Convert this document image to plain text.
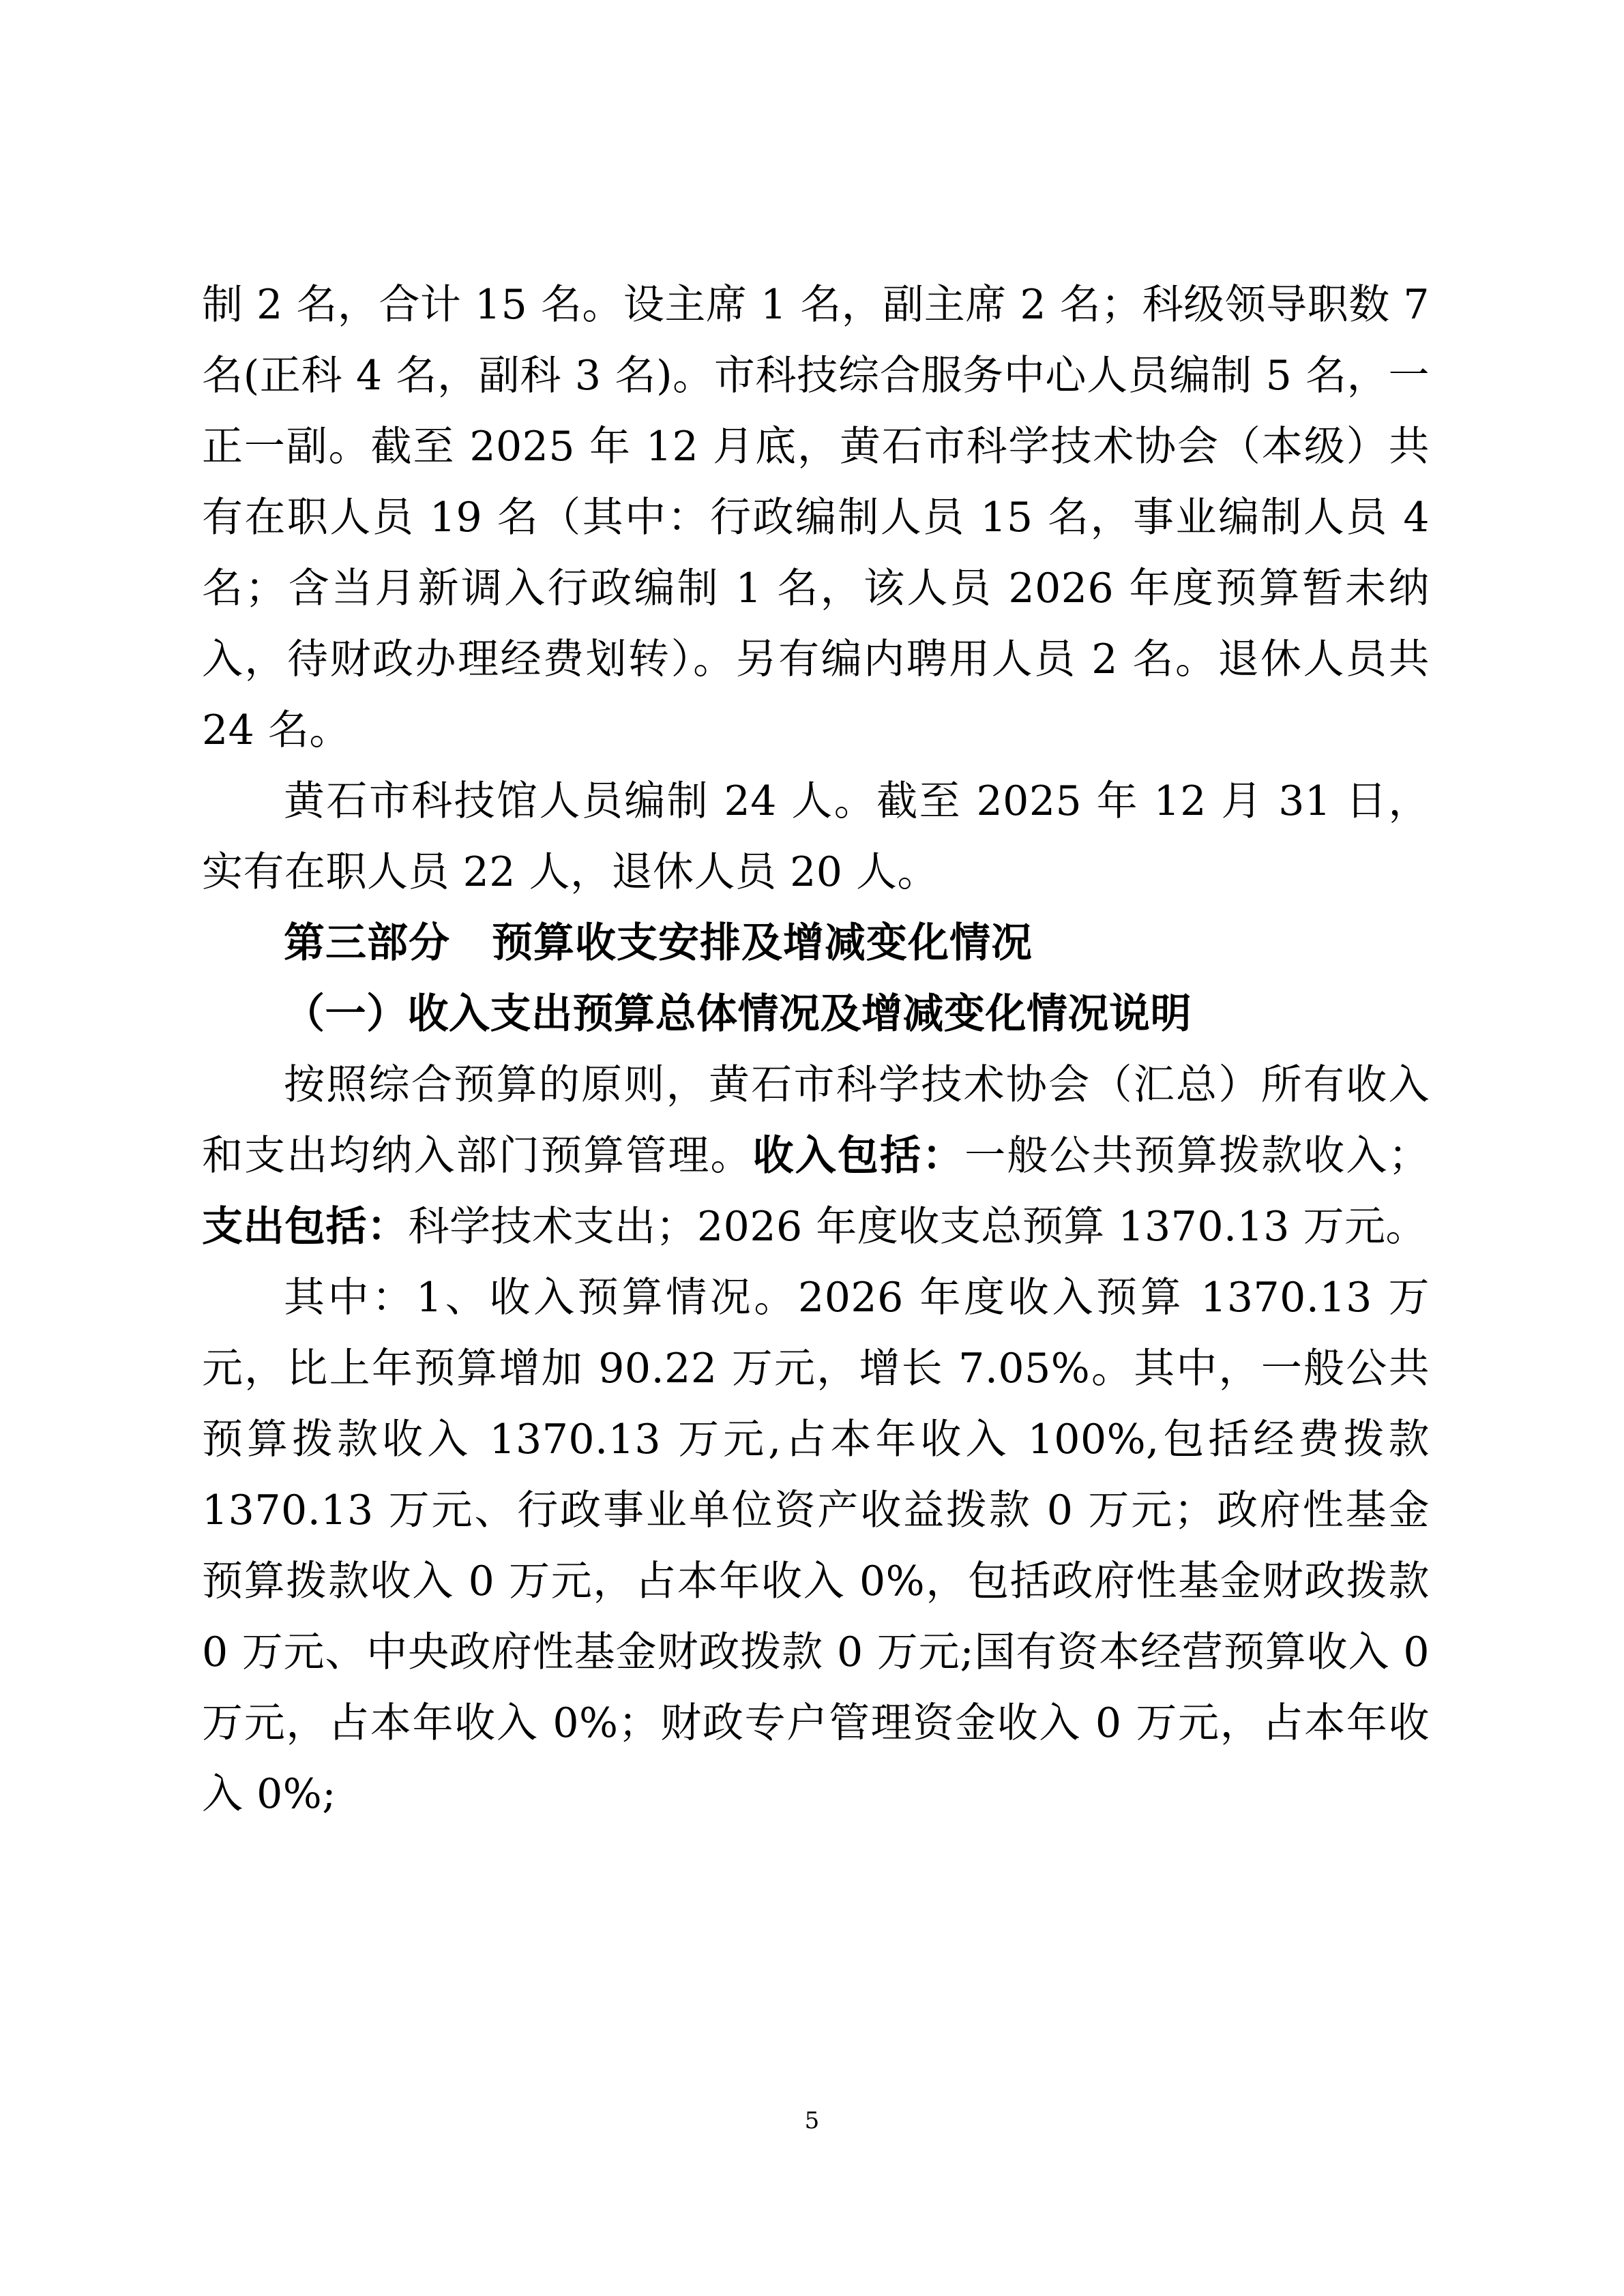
制 2 名，合计 15 名。设主席 1 名，副主席 2 名；科级领导职数 7 名(正科 4 名，副科 3 名)。市科技综合服务中心人员编制 5 名，一正一副。截至 2025 年 12 月底，黄石市科学技术协会（本级）共有在职人员 19 名（其中：行政编制人员 15 名，事业编制人员 4 名；含当月新调入行政编制 1 名，该人员 2026 年度预算暂未纳入，待财政办理经费划转）。另有编内聘用人员 2 名。退休人员共 24 名。

黄石市科技馆人员编制 24 人。截至 2025 年 12 月 31 日，实有在职人员 22 人，退休人员 20 人。

第三部分　预算收支安排及增减变化情况

（一）收入支出预算总体情况及增减变化情况说明

按照综合预算的原则，黄石市科学技术协会（汇总）所有收入和支出均纳入部门预算管理。收入包括：一般公共预算拨款收入；支出包括：科学技术支出；2026 年度收支总预算 1370.13 万元。

其中：1、收入预算情况。2026 年度收入预算 1370.13 万元，比上年预算增加 90.22 万元，增长 7.05%。其中，一般公共预算拨款收入 1370.13 万元,占本年收入 100%,包括经费拨款 1370.13 万元、行政事业单位资产收益拨款 0 万元；政府性基金预算拨款收入 0 万元，占本年收入 0%，包括政府性基金财政拨款 0 万元、中央政府性基金财政拨款 0 万元;国有资本经营预算收入 0 万元，占本年收入 0%；财政专户管理资金收入 0 万元，占本年收入 0%;

5
